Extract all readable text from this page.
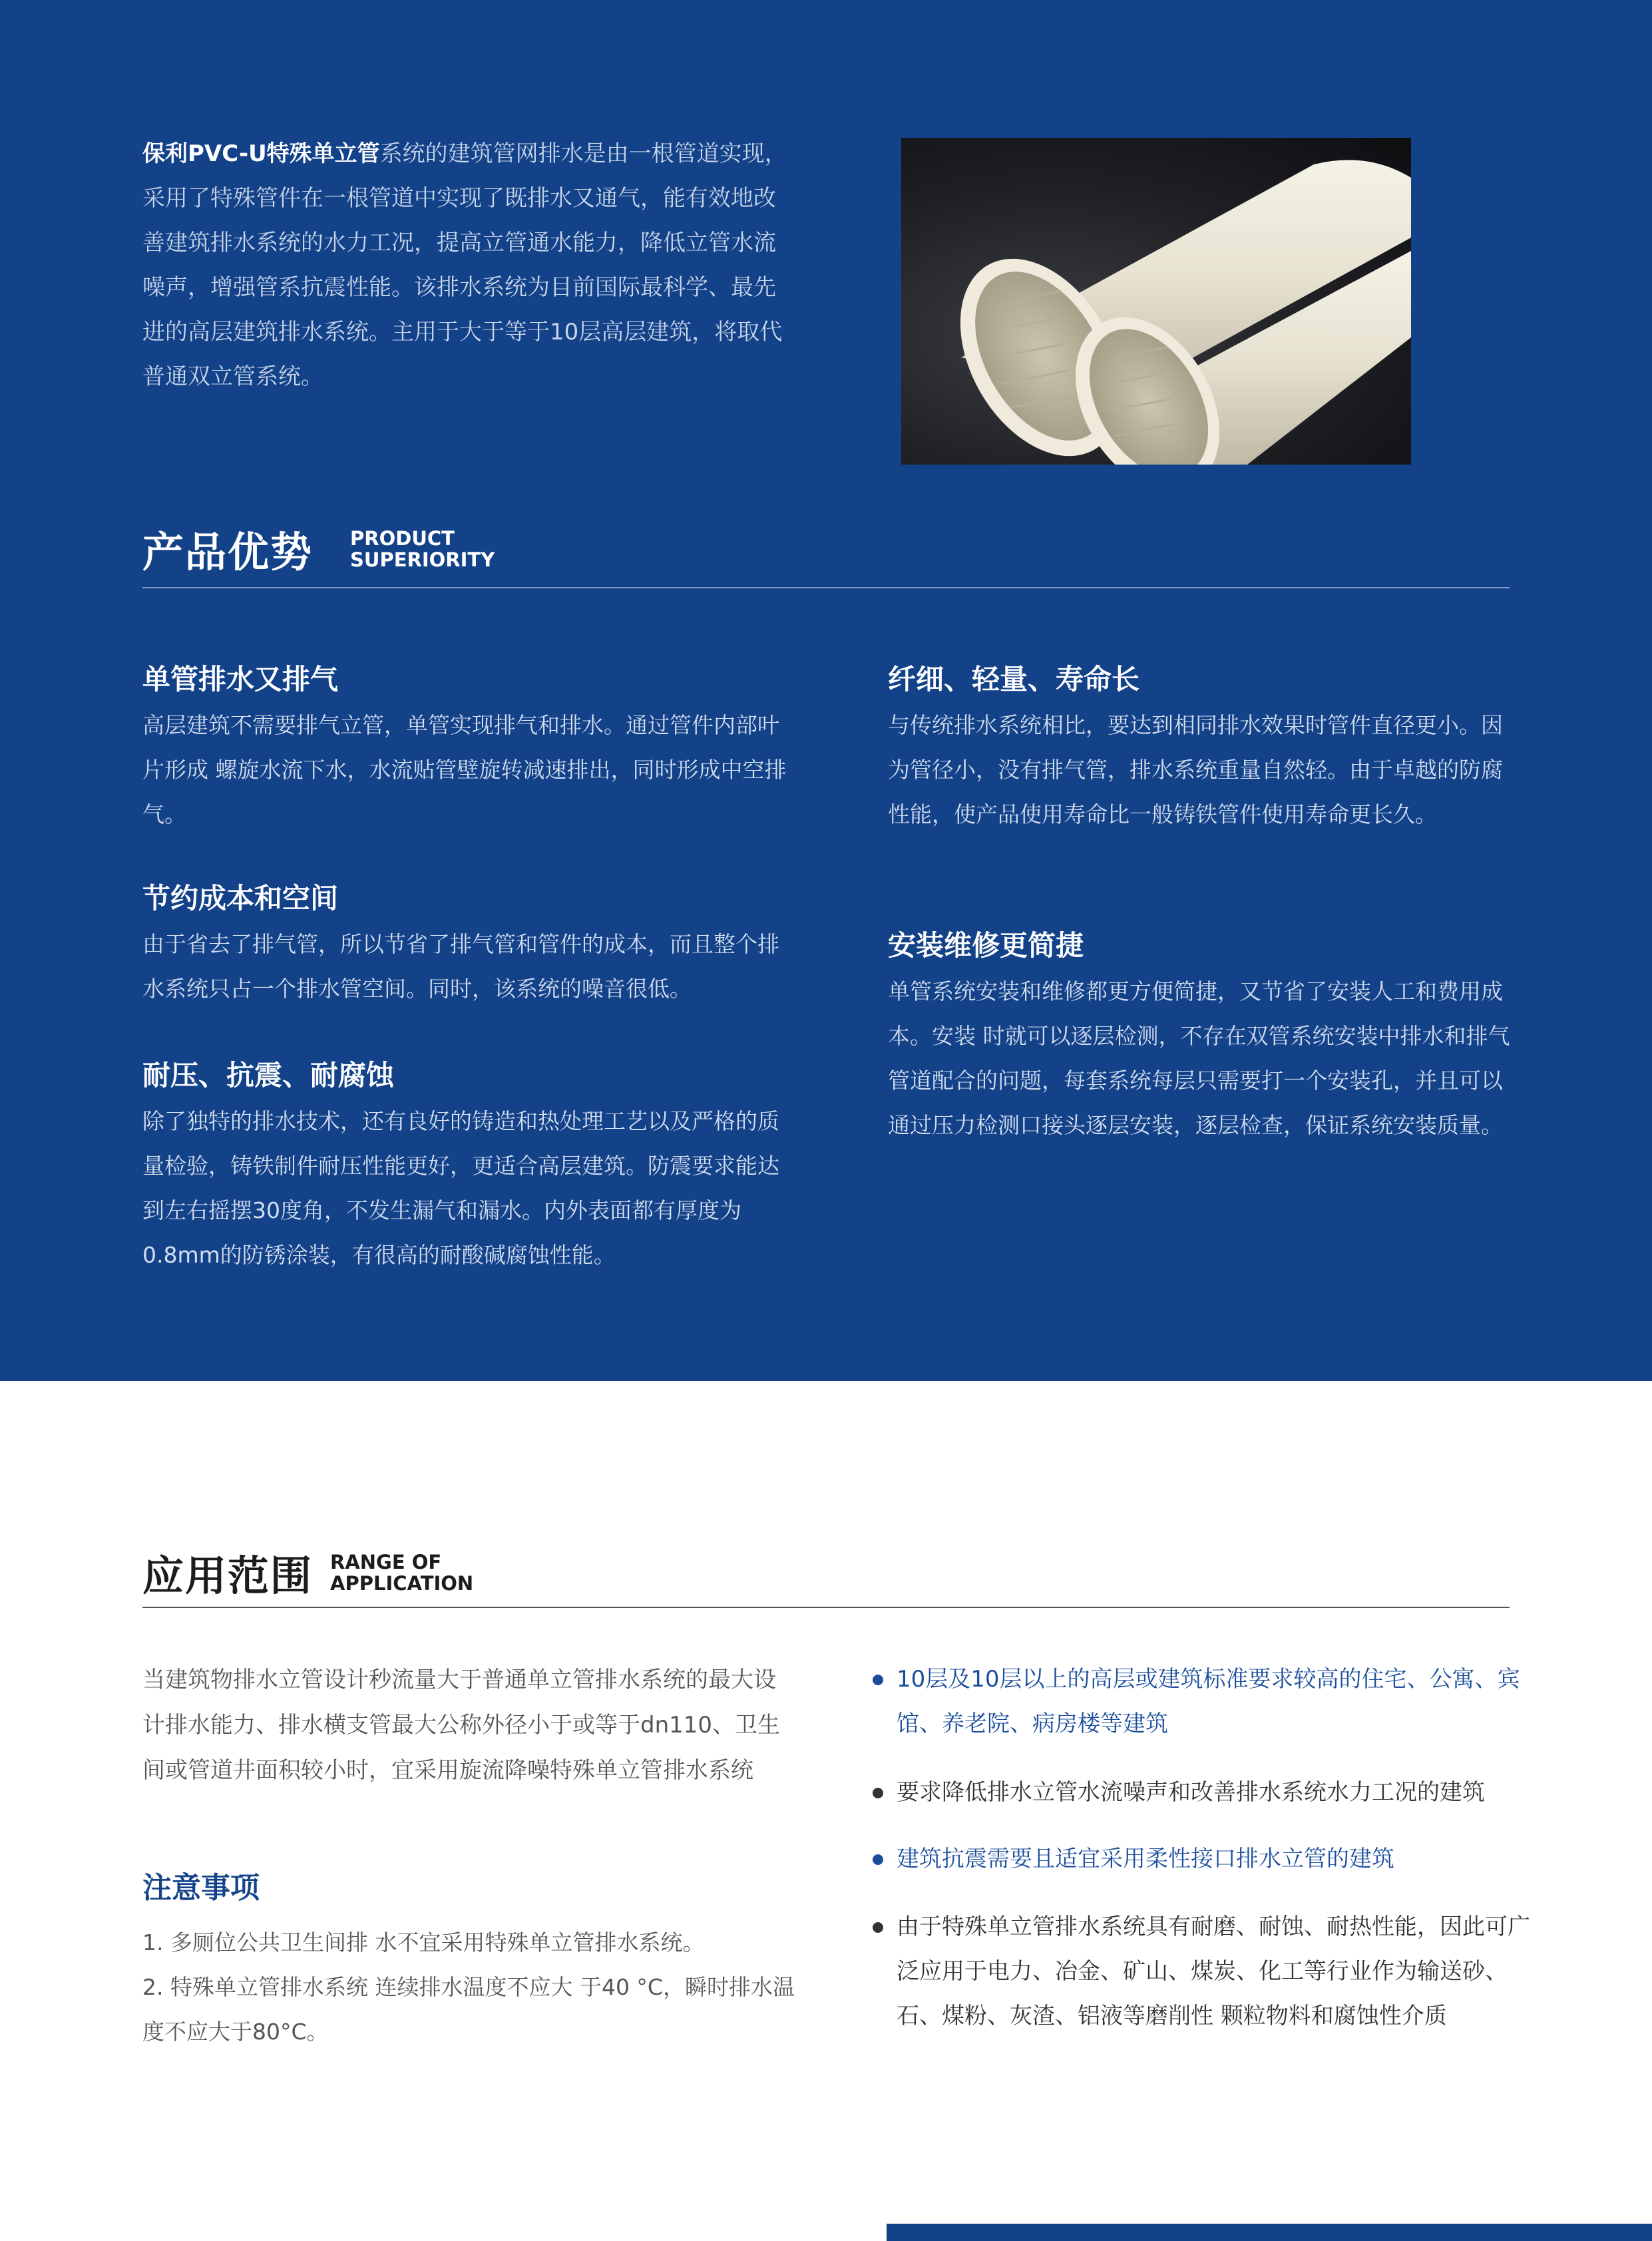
保利PVC-U特殊单立管系统的建筑管网排水是由一根管道实现，采用了特殊管件在一根管道中实现了既排水又通气，能有效地改善建筑排水系统的水力工况，提高立管通水能力，降低立管水流噪声，增强管系抗震性能。该排水系统为目前国际最科学、最先进的高层建筑排水系统。主用于大于等于10层高层建筑，将取代普通双立管系统。
产品优势 PRODUCT
SUPERIORITY
单管排水又排气
高层建筑不需要排气立管，单管实现排气和排水。通过管件内部叶片形成 螺旋水流下水，水流贴管壁旋转减速排出，同时形成中空排气。
节约成本和空间
由于省去了排气管，所以节省了排气管和管件的成本，而且整个排水系统只占一个排水管空间。同时，该系统的噪音很低。
耐压、抗震、耐腐蚀
除了独特的排水技术，还有良好的铸造和热处理工艺以及严格的质量检验，铸铁制件耐压性能更好，更适合高层建筑。防震要求能达到左右摇摆30度角，不发生漏气和漏水。内外表面都有厚度为0.8mm的防锈涂装，有很高的耐酸碱腐蚀性能。
纤细、轻量、寿命长
与传统排水系统相比，要达到相同排水效果时管件直径更小。因为管径小，没有排气管，排水系统重量自然轻。由于卓越的防腐性能，使产品使用寿命比一般铸铁管件使用寿命更长久。
安装维修更简捷
单管系统安装和维修都更方便简捷，又节省了安装人工和费用成本。安装 时就可以逐层检测，不存在双管系统安装中排水和排气管道配合的问题，每套系统每层只需要打一个安装孔，并且可以通过压力检测口接头逐层安装，逐层检查，保证系统安装质量。
应用范围 RANGE OF
APPLICATION
当建筑物排水立管设计秒流量大于普通单立管排水系统的最大设计排水能力、排水横支管最大公称外径小于或等于dn110、卫生间或管道井面积较小时，宜采用旋流降噪特殊单立管排水系统
注意事项
1. 多厕位公共卫生间排 水不宜采用特殊单立管排水系统。
2. 特殊单立管排水系统 连续排水温度不应大 于40 °C，瞬时排水温 度不应大于80°C。
10层及10层以上的高层或建筑标准要求较高的住宅、公寓、宾馆、养老院、病房楼等建筑
要求降低排水立管水流噪声和改善排水系统水力工况的建筑
建筑抗震需要且适宜采用柔性接口排水立管的建筑
由于特殊单立管排水系统具有耐磨、耐蚀、耐热性能，因此可广泛应用于电力、冶金、矿山、煤炭、化工等行业作为输送砂、石、煤粉、灰渣、铝液等磨削性 颗粒物料和腐蚀性介质
